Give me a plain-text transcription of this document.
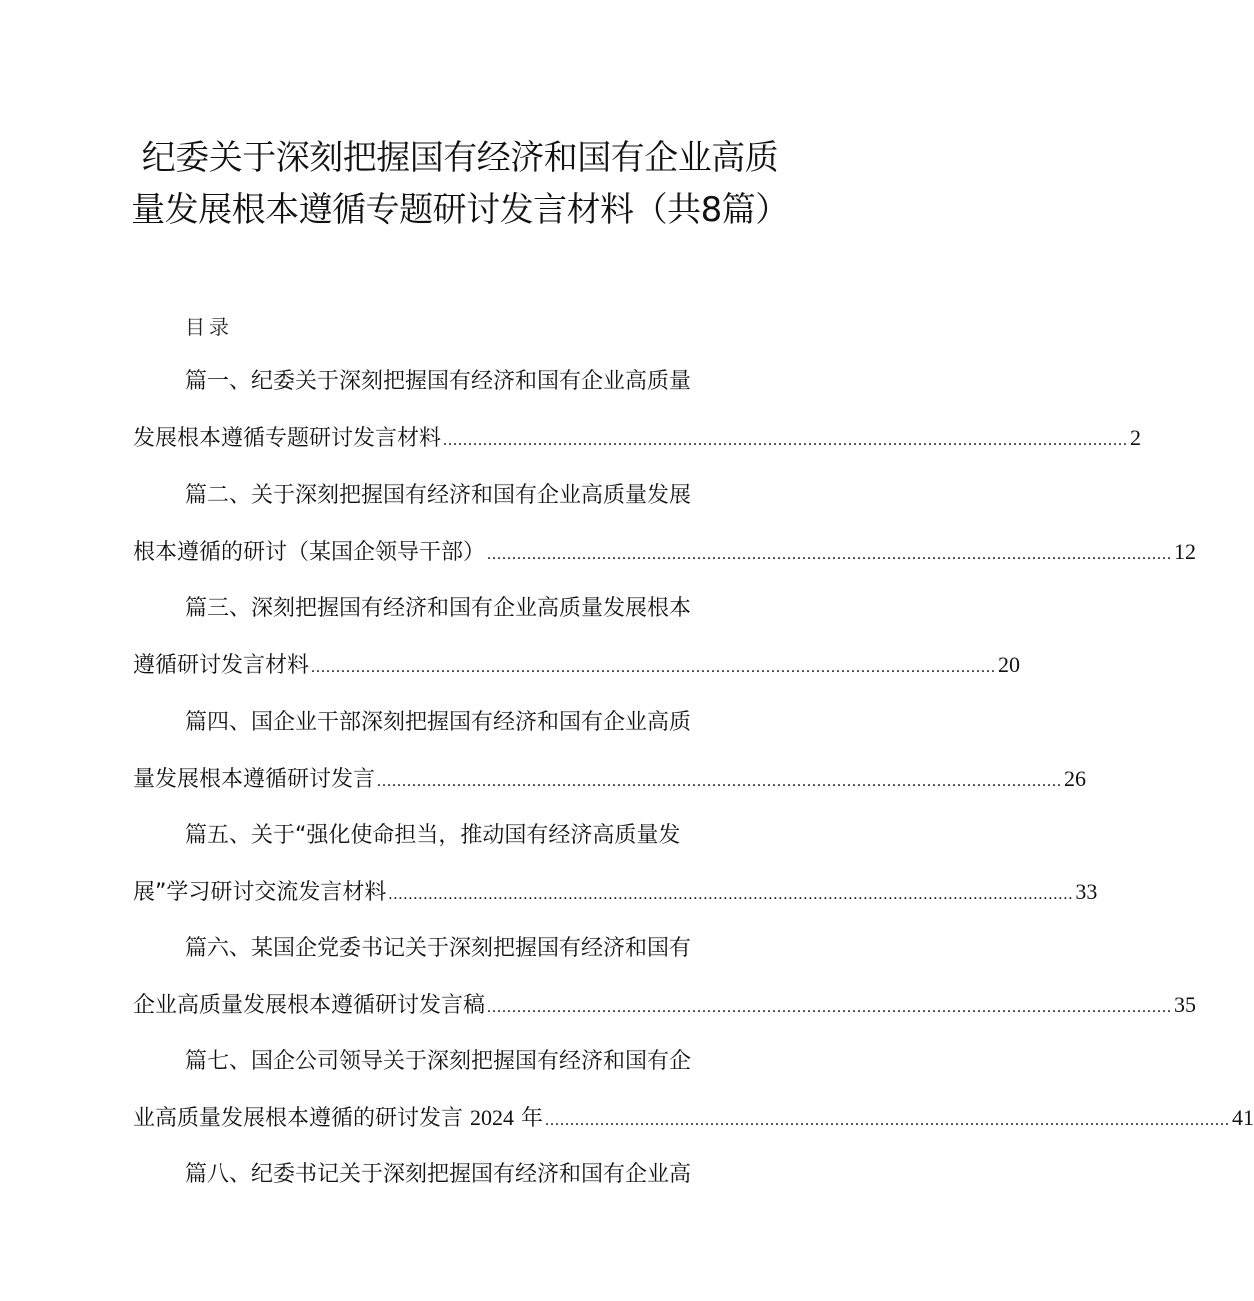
纪委关于深刻把握国有经济和国有企业高质量发展根本遵循专题研讨发言材料（共8篇）
目录
篇一、纪委关于深刻把握国有经济和国有企业高质量
发展根本遵循专题研讨发言材料 ......................................................................................................................................... 2
篇二、关于深刻把握国有经济和国有企业高质量发展
根本遵循的研讨（某国企领导干部） ......................................................................................................................................... 12
篇三、深刻把握国有经济和国有企业高质量发展根本
遵循研讨发言材料 ......................................................................................................................................... 20
篇四、国企业干部深刻把握国有经济和国有企业高质
量发展根本遵循研讨发言 ......................................................................................................................................... 26
篇五、关于“强化使命担当，推动国有经济高质量发
展”学习研讨交流发言材料 ......................................................................................................................................... 33
篇六、某国企党委书记关于深刻把握国有经济和国有
企业高质量发展根本遵循研讨发言稿 ......................................................................................................................................... 35
篇七、国企公司领导关于深刻把握国有经济和国有企
业高质量发展根本遵循的研讨发言 2024 年 ......................................................................................................................................... 41
篇八、纪委书记关于深刻把握国有经济和国有企业高
